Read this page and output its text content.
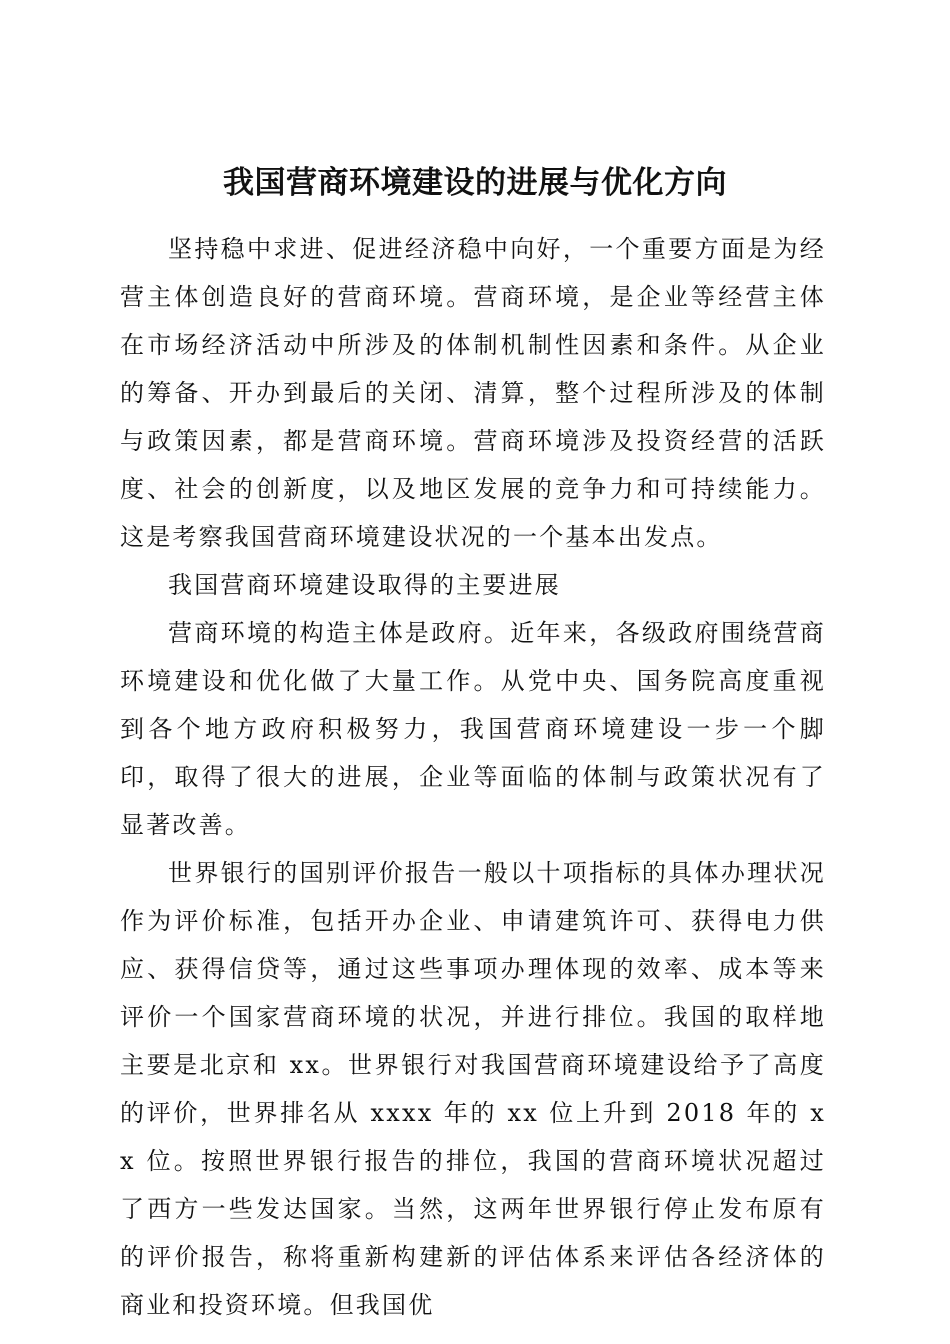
我国营商环境建设的进展与优化方向

坚持稳中求进、促进经济稳中向好，一个重要方面是为经营主体创造良好的营商环境。营商环境，是企业等经营主体在市场经济活动中所涉及的体制机制性因素和条件。从企业的筹备、开办到最后的关闭、清算，整个过程所涉及的体制与政策因素，都是营商环境。营商环境涉及投资经营的活跃度、社会的创新度，以及地区发展的竞争力和可持续能力。这是考察我国营商环境建设状况的一个基本出发点。

我国营商环境建设取得的主要进展

营商环境的构造主体是政府。近年来，各级政府围绕营商环境建设和优化做了大量工作。从党中央、国务院高度重视到各个地方政府积极努力，我国营商环境建设一步一个脚印，取得了很大的进展，企业等面临的体制与政策状况有了显著改善。

世界银行的国别评价报告一般以十项指标的具体办理状况作为评价标准，包括开办企业、申请建筑许可、获得电力供应、获得信贷等，通过这些事项办理体现的效率、成本等来评价一个国家营商环境的状况，并进行排位。我国的取样地主要是北京和 xx。世界银行对我国营商环境建设给予了高度的评价，世界排名从 xxxx 年的 xx 位上升到 2018 年的 xx 位。按照世界银行报告的排位，我国的营商环境状况超过了西方一些发达国家。当然，这两年世界银行停止发布原有的评价报告，称将重新构建新的评估体系来评估各经济体的商业和投资环境。但我国优
